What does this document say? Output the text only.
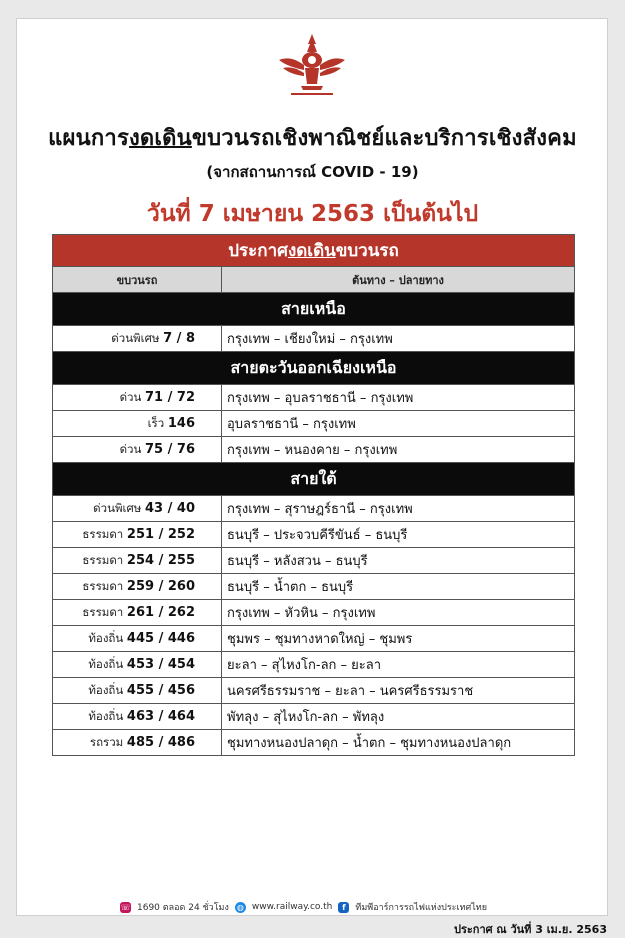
แผนการงดเดินขบวนรถเชิงพาณิชย์และบริการเชิงสังคม
(จากสถานการณ์ COVID - 19)
วันที่ 7 เมษายน 2563 เป็นต้นไป
ประกาศงดเดินขบวนรถ	
ขบวนรถ	ต้นทาง – ปลายทาง
สายเหนือ	
ด่วนพิเศษ 7 / 8	กรุงเทพ – เชียงใหม่ – กรุงเทพ
สายตะวันออกเฉียงเหนือ	
ด่วน 71 / 72	กรุงเทพ – อุบลราชธานี – กรุงเทพ
เร็ว 146	อุบลราชธานี – กรุงเทพ
ด่วน 75 / 76	กรุงเทพ – หนองคาย – กรุงเทพ
สายใต้	
ด่วนพิเศษ 43 / 40	กรุงเทพ – สุราษฎร์ธานี – กรุงเทพ
ธรรมดา 251 / 252	ธนบุรี – ประจวบคีรีขันธ์ – ธนบุรี
ธรรมดา 254 / 255	ธนบุรี – หลังสวน – ธนบุรี
ธรรมดา 259 / 260	ธนบุรี – น้ำตก – ธนบุรี
ธรรมดา 261 / 262	กรุงเทพ – หัวหิน – กรุงเทพ
ท้องถิ่น 445 / 446	ชุมพร – ชุมทางหาดใหญ่ – ชุมพร
ท้องถิ่น 453 / 454	ยะลา – สุไหงโก-ลก – ยะลา
ท้องถิ่น 455 / 456	นครศรีธรรมราช – ยะลา – นครศรีธรรมราช
ท้องถิ่น 463 / 464	พัทลุง – สุไหงโก-ลก – พัทลุง
รถรวม 485 / 486	ชุมทางหนองปลาดุก – น้ำตก – ชุมทางหนองปลาดุก
☏ 1690 ตลอด 24 ชั่วโมง ◍ www.railway.co.th	f	ทีมพีอาร์การรถไฟแห่งประเทศไทย
ประกาศ ณ วันที่ 3 เม.ย. 2563
